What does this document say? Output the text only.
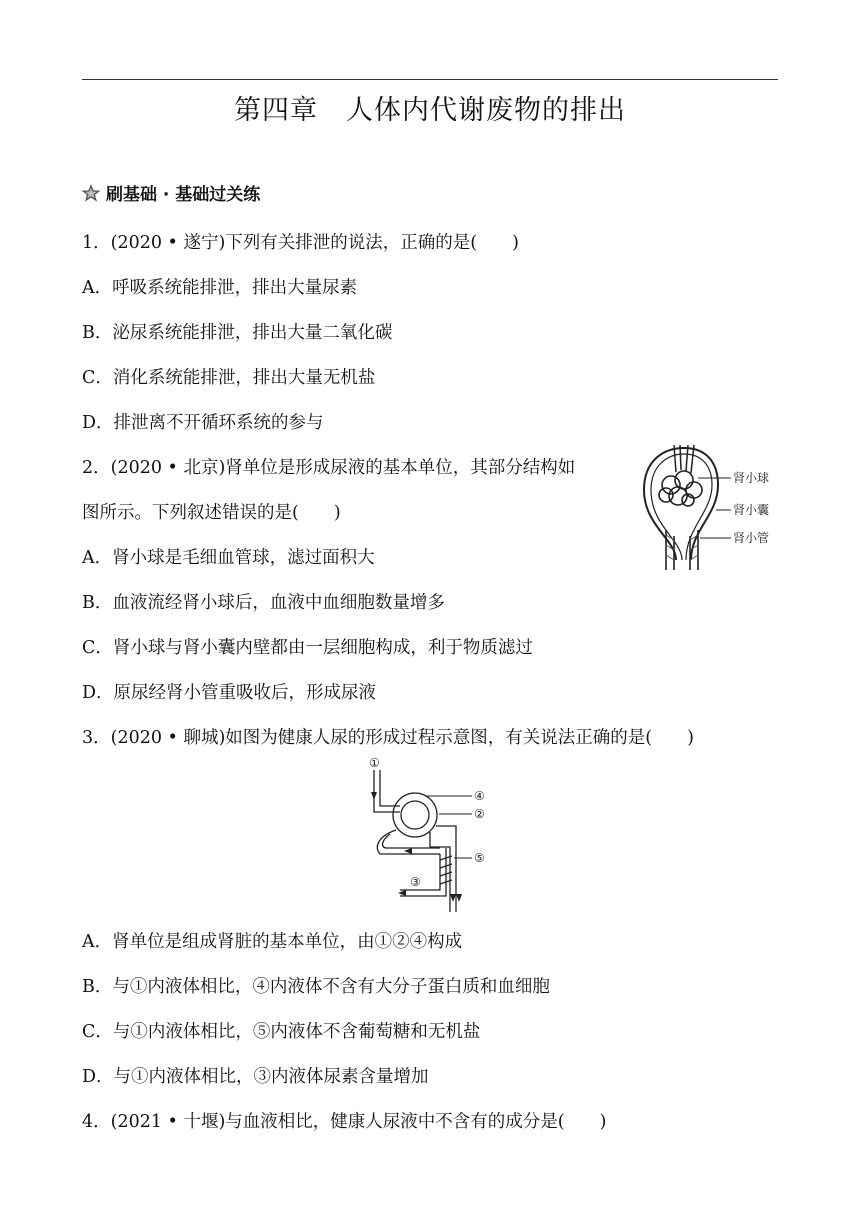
第四章　人体内代谢废物的排出
刷基础 · 基础过关练
1．(2020 • 遂宁)下列有关排泄的说法，正确的是(　　)
A．呼吸系统能排泄，排出大量尿素
B．泌尿系统能排泄，排出大量二氧化碳
C．消化系统能排泄，排出大量无机盐
D．排泄离不开循环系统的参与
2．(2020 • 北京)肾单位是形成尿液的基本单位，其部分结构如
图所示。下列叙述错误的是(　　)
A．肾小球是毛细血管球，滤过面积大
B．血液流经肾小球后，血液中血细胞数量增多
C．肾小球与肾小囊内壁都由一层细胞构成，利于物质滤过
D．原尿经肾小管重吸收后，形成尿液
肾小球
肾小囊
肾小管
3．(2020 • 聊城)如图为健康人尿的形成过程示意图，有关说法正确的是(　　)
①
④
②
⑤
③
A．肾单位是组成肾脏的基本单位，由①②④构成
B．与①内液体相比，④内液体不含有大分子蛋白质和血细胞
C．与①内液体相比，⑤内液体不含葡萄糖和无机盐
D．与①内液体相比，③内液体尿素含量增加
4．(2021 • 十堰)与血液相比，健康人尿液中不含有的成分是(　　)
